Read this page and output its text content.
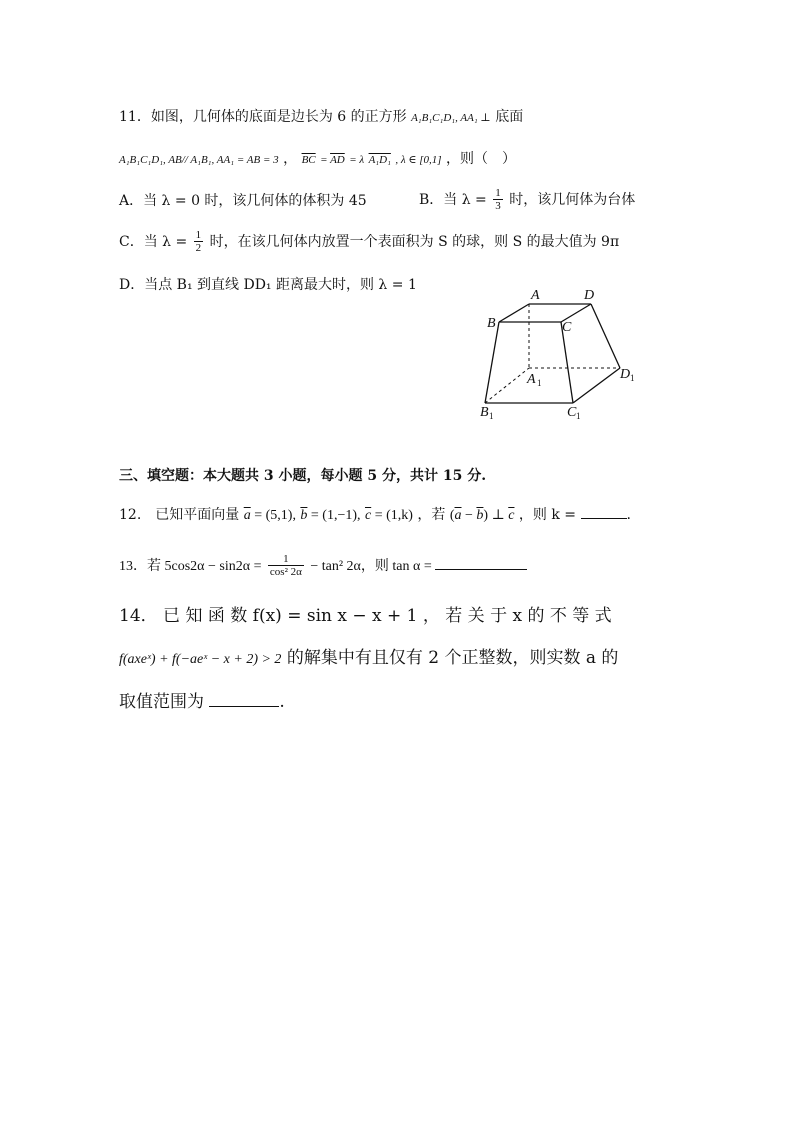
11．如图，几何体的底面是边长为 6 的正方形 A₁B₁C₁D₁, AA₁ ⊥ 底面
A₁B₁C₁D₁, AB// A₁B₁, AA₁ = AB = 3 ， $\overline{BC} = \overline{AD} = \lambda$ A₁D₁ , λ ∈ [0,1] ，则（　）
A．当 λ = 0 时，该几何体的体积为 45	B．当 $\lambda = \frac{1}{3}$ 时，该几何体为台体
C．当 $\lambda = \frac{1}{2}$ 时，在该几何体内放置一个表面积为 S 的球，则 S 的最大值为 9π
D．当点 B₁ 到直线 DD₁ 距离最大时，则 λ = 1
A	D
B	C
A 1
D 1
B 1	C 1
三、填空题：本大题共 3 小题，每小题 5 分，共计 15 分.
12.　已知平面向量 $\overline{a} = (5,1)$, $\overline{b} = (1,-1)$, $\overline{c} = (1,k)$ ，若 $(\overline{a} - \overline{b})$ ⊥ $\overline{c}$ ，则 k =	.
13．若 $5\cos 2\alpha - \sin 2\alpha = \frac{1}{\text{cos² 2α}} - \tan^2$ 2α，则 tan α =
14． 已 知 函 数 f(x) = sin x − x + 1 ， 若 关 于 x 的 不 等 式
f(axeˣ) + f(−aeˣ − x + 2) > 2 的解集中有且仅有 2 个正整数，则实数 a 的
取值范围为	.
